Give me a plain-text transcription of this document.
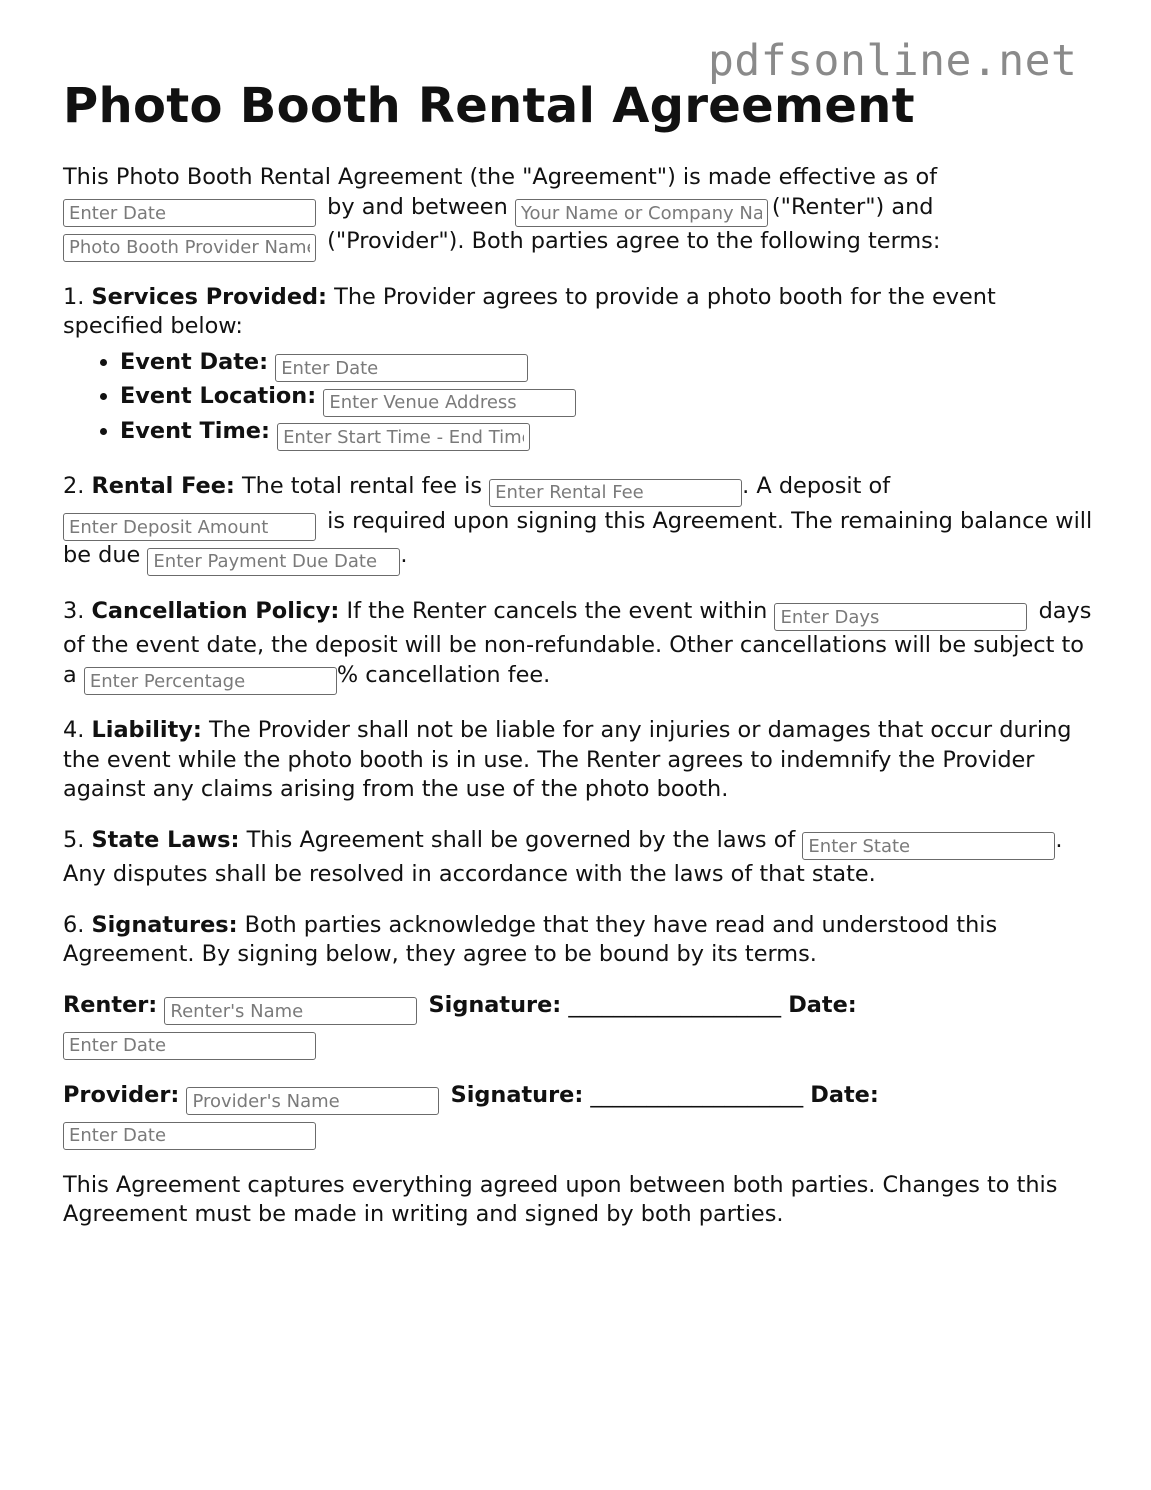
pdfsonline.net
Photo Booth Rental Agreement

This Photo Booth Rental Agreement (the "Agreement") is made effective as of Enter Date by and between Your Name or Company Name	("Renter") and
Photo Booth Provider Name ("Provider"). Both parties agree to the following terms:

1. Services Provided: The Provider agrees to provide a photo booth for the event specified below:

• Event Date: Enter Date
• Event Location: Enter Venue Address
• Event Time: Enter Start Time - End Time

2. Rental Fee: The total rental fee is Enter Rental Fee	. A deposit of
Enter Deposit Amount is required upon signing this Agreement. The remaining balance will be due Enter Payment Due Date	.

3. Cancellation Policy: If the Renter cancels the event within Enter Days	days of the event date, the deposit will be non-refundable. Other cancellations will be subject to a Enter Percentage	% cancellation fee.

4. Liability: The Provider shall not be liable for any injuries or damages that occur during the event while the photo booth is in use. The Renter agrees to indemnify the Provider against any claims arising from the use of the photo booth.

5. State Laws: This Agreement shall be governed by the laws of Enter State	. Any disputes shall be resolved in accordance with the laws of that state.

6. Signatures: Both parties acknowledge that they have read and understood this Agreement. By signing below, they agree to be bound by its terms.

Renter: Renter's Name	Signature: ___________________ Date:
Enter Date

Provider: Provider's Name	Signature: ___________________ Date:
Enter Date

This Agreement captures everything agreed upon between both parties. Changes to this Agreement must be made in writing and signed by both parties.
